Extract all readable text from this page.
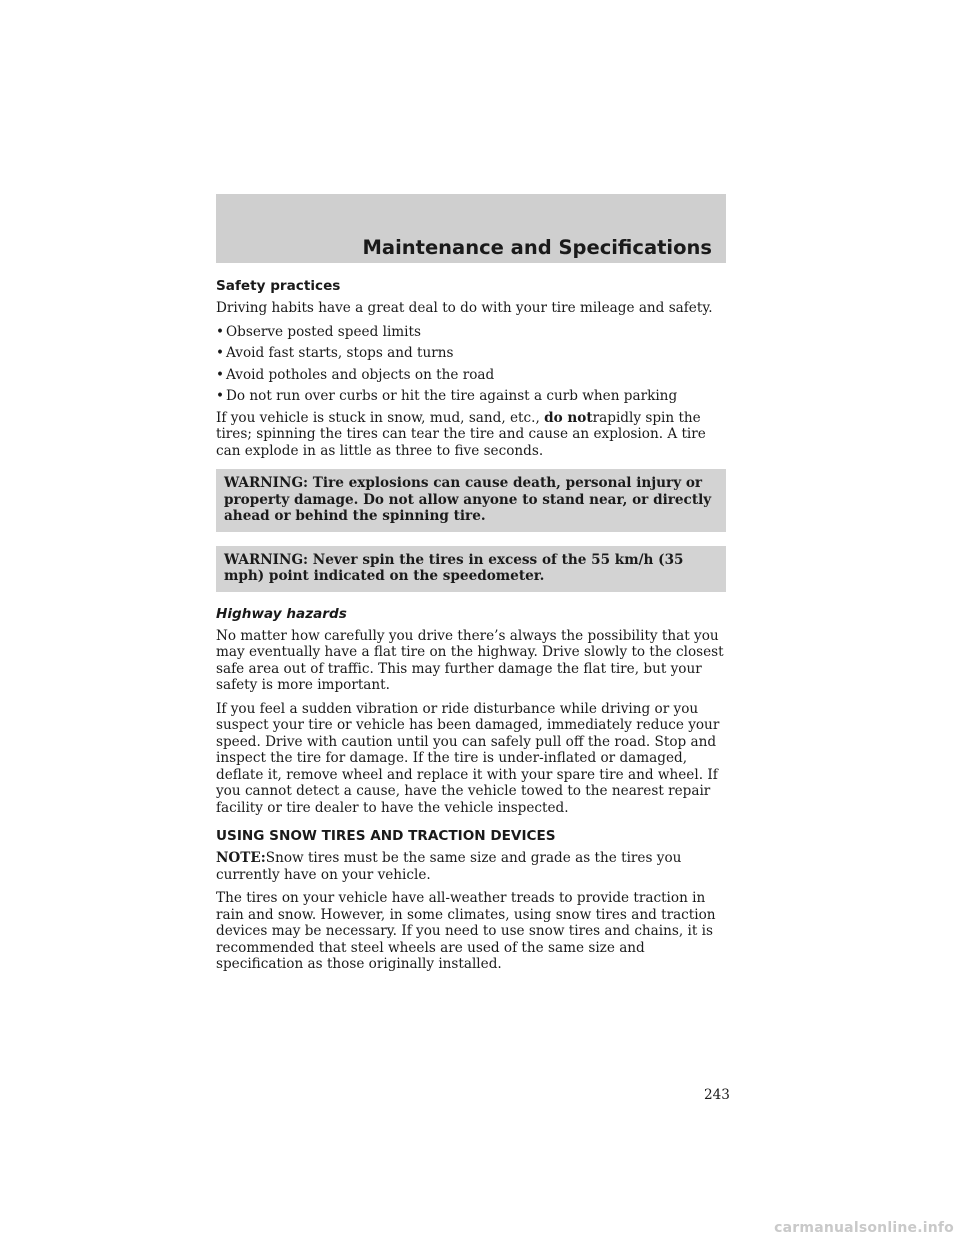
Maintenance and Specifications
Safety practices

Driving habits have a great deal to do with your tire mileage and safety.

• Observe posted speed limits
• Avoid fast starts, stops and turns
• Avoid potholes and objects on the road
• Do not run over curbs or hit the tire against a curb when parking

If you vehicle is stuck in snow, mud, sand, etc., do notrapidly spin the tires; spinning the tires can tear the tire and cause an explosion. A tire can explode in as little as three to five seconds.

WARNING: Tire explosions can cause death, personal injury or property damage. Do not allow anyone to stand near, or directly ahead or behind the spinning tire.
WARNING: Never spin the tires in excess of the 55 km/h (35 mph) point indicated on the speedometer.
Highway hazards

No matter how carefully you drive there’s always the possibility that you may eventually have a flat tire on the highway. Drive slowly to the closest safe area out of traffic. This may further damage the flat tire, but your safety is more important.

If you feel a sudden vibration or ride disturbance while driving or you suspect your tire or vehicle has been damaged, immediately reduce your speed. Drive with caution until you can safely pull off the road. Stop and inspect the tire for damage. If the tire is under-inflated or damaged, deflate it, remove wheel and replace it with your spare tire and wheel. If you cannot detect a cause, have the vehicle towed to the nearest repair facility or tire dealer to have the vehicle inspected.

USING SNOW TIRES AND TRACTION DEVICES

NOTE:Snow tires must be the same size and grade as the tires you currently have on your vehicle.

The tires on your vehicle have all-weather treads to provide traction in rain and snow. However, in some climates, using snow tires and traction devices may be necessary. If you need to use snow tires and chains, it is recommended that steel wheels are used of the same size and specification as those originally installed.

243
carmanualsonline.info
